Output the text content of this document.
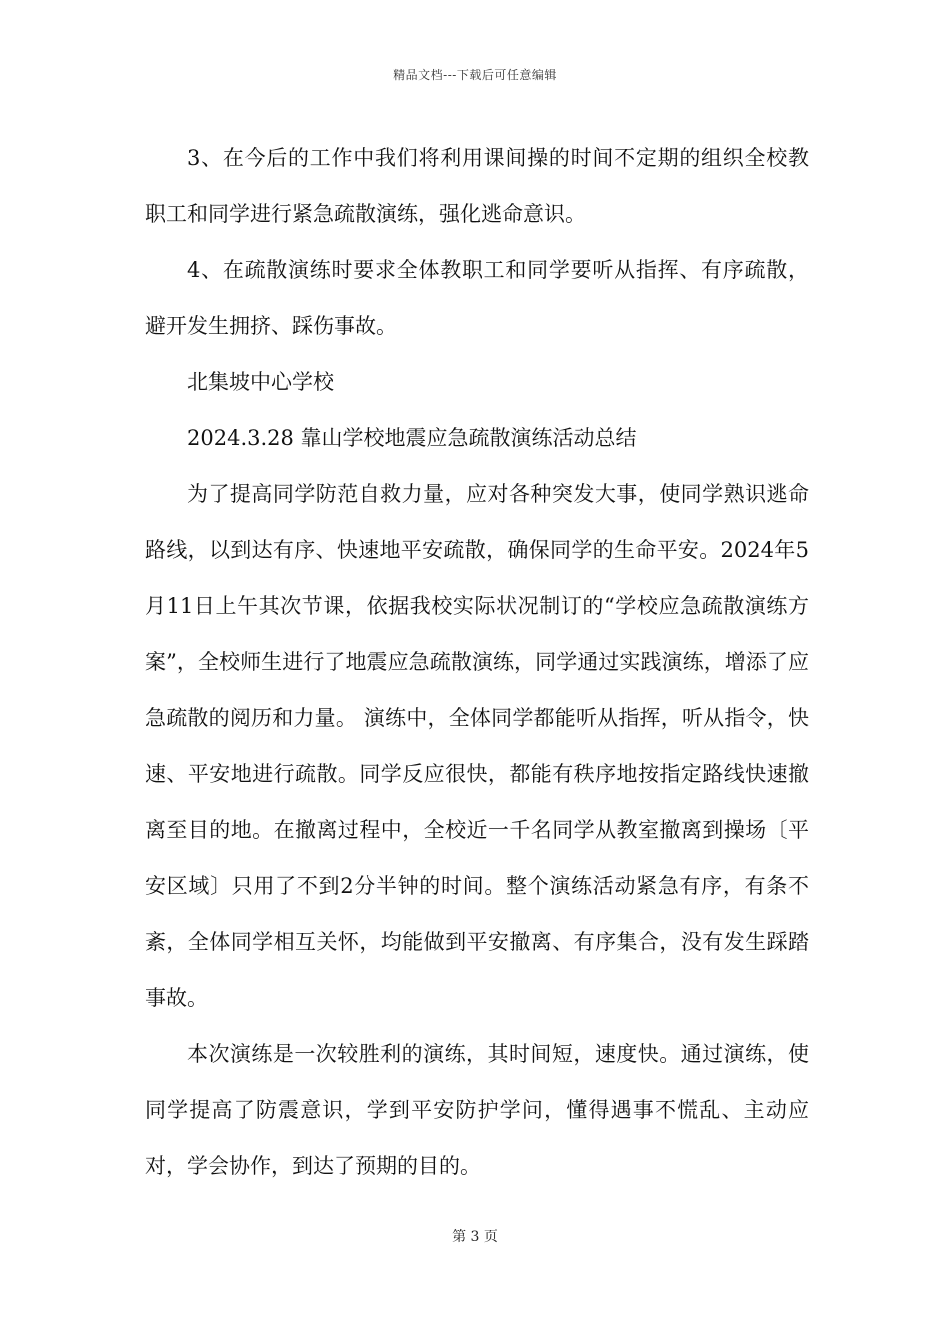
精品文档---下载后可任意编辑

3、在今后的工作中我们将利用课间操的时间不定期的组织全校教职工和同学进行紧急疏散演练，强化逃命意识。

4、在疏散演练时要求全体教职工和同学要听从指挥、有序疏散，避开发生拥挤、踩伤事故。

北集坡中心学校

2024.3.28 靠山学校地震应急疏散演练活动总结

为了提高同学防范自救力量，应对各种突发大事，使同学熟识逃命路线，以到达有序、快速地平安疏散，确保同学的生命平安。2024年5月11日上午其次节课，依据我校实际状况制订的“学校应急疏散演练方案”，全校师生进行了地震应急疏散演练，同学通过实践演练，增添了应急疏散的阅历和力量。 演练中，全体同学都能听从指挥，听从指令，快速、平安地进行疏散。同学反应很快，都能有秩序地按指定路线快速撤离至目的地。在撤离过程中，全校近一千名同学从教室撤离到操场〔平安区域〕只用了不到2分半钟的时间。整个演练活动紧急有序，有条不紊，全体同学相互关怀，均能做到平安撤离、有序集合，没有发生踩踏事故。

本次演练是一次较胜利的演练，其时间短，速度快。通过演练，使同学提高了防震意识，学到平安防护学问，懂得遇事不慌乱、主动应对，学会协作，到达了预期的目的。

第 3 页
